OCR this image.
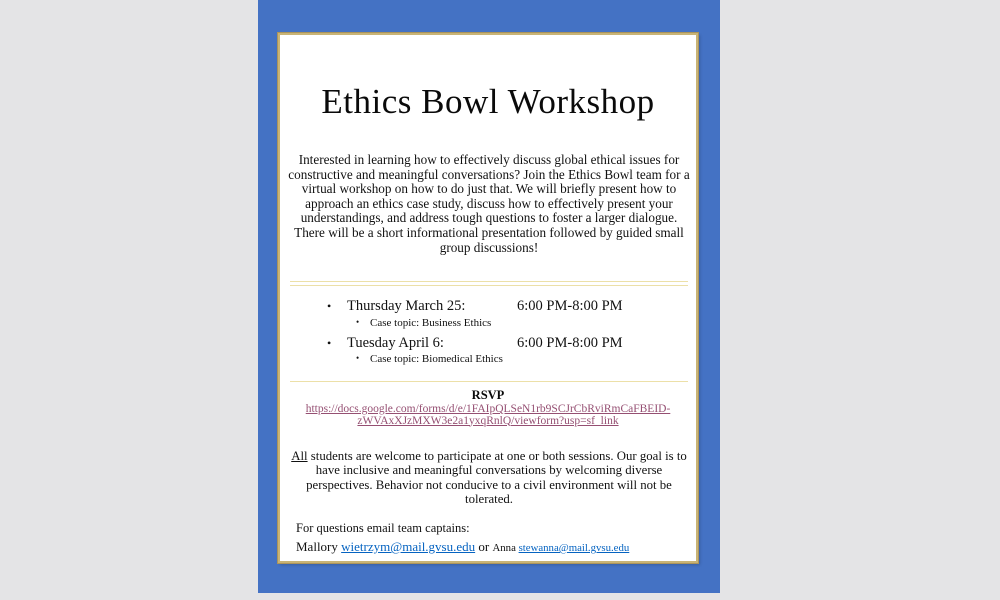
Ethics Bowl Workshop

Interested in learning how to effectively discuss global ethical issues for constructive and meaningful conversations? Join the Ethics Bowl team for a virtual workshop on how to do just that. We will briefly present how to approach an ethics case study, discuss how to effectively present your understandings, and address tough questions to foster a larger dialogue. There will be a short informational presentation followed by guided small group discussions!

•
Thursday March 25:	6:00 PM-8:00 PM
•
Case topic: Business Ethics
•
Tuesday April 6:	6:00 PM-8:00 PM
•
Case topic: Biomedical Ethics
RSVP
https://docs.google.com/forms/d/e/1FAIpQLSeN1rb9SCJrCbRviRmCaFBEID-
zWVAxXJzMXW3e2a1yxqRnlQ/viewform?usp=sf_link

All students are welcome to participate at one or both sessions. Our goal is to have inclusive and meaningful conversations by welcoming diverse perspectives. Behavior not conducive to a civil environment will not be tolerated.

For questions email team captains:
Mallory wietrzym@mail.gvsu.edu or Anna stewanna@mail.gvsu.edu
